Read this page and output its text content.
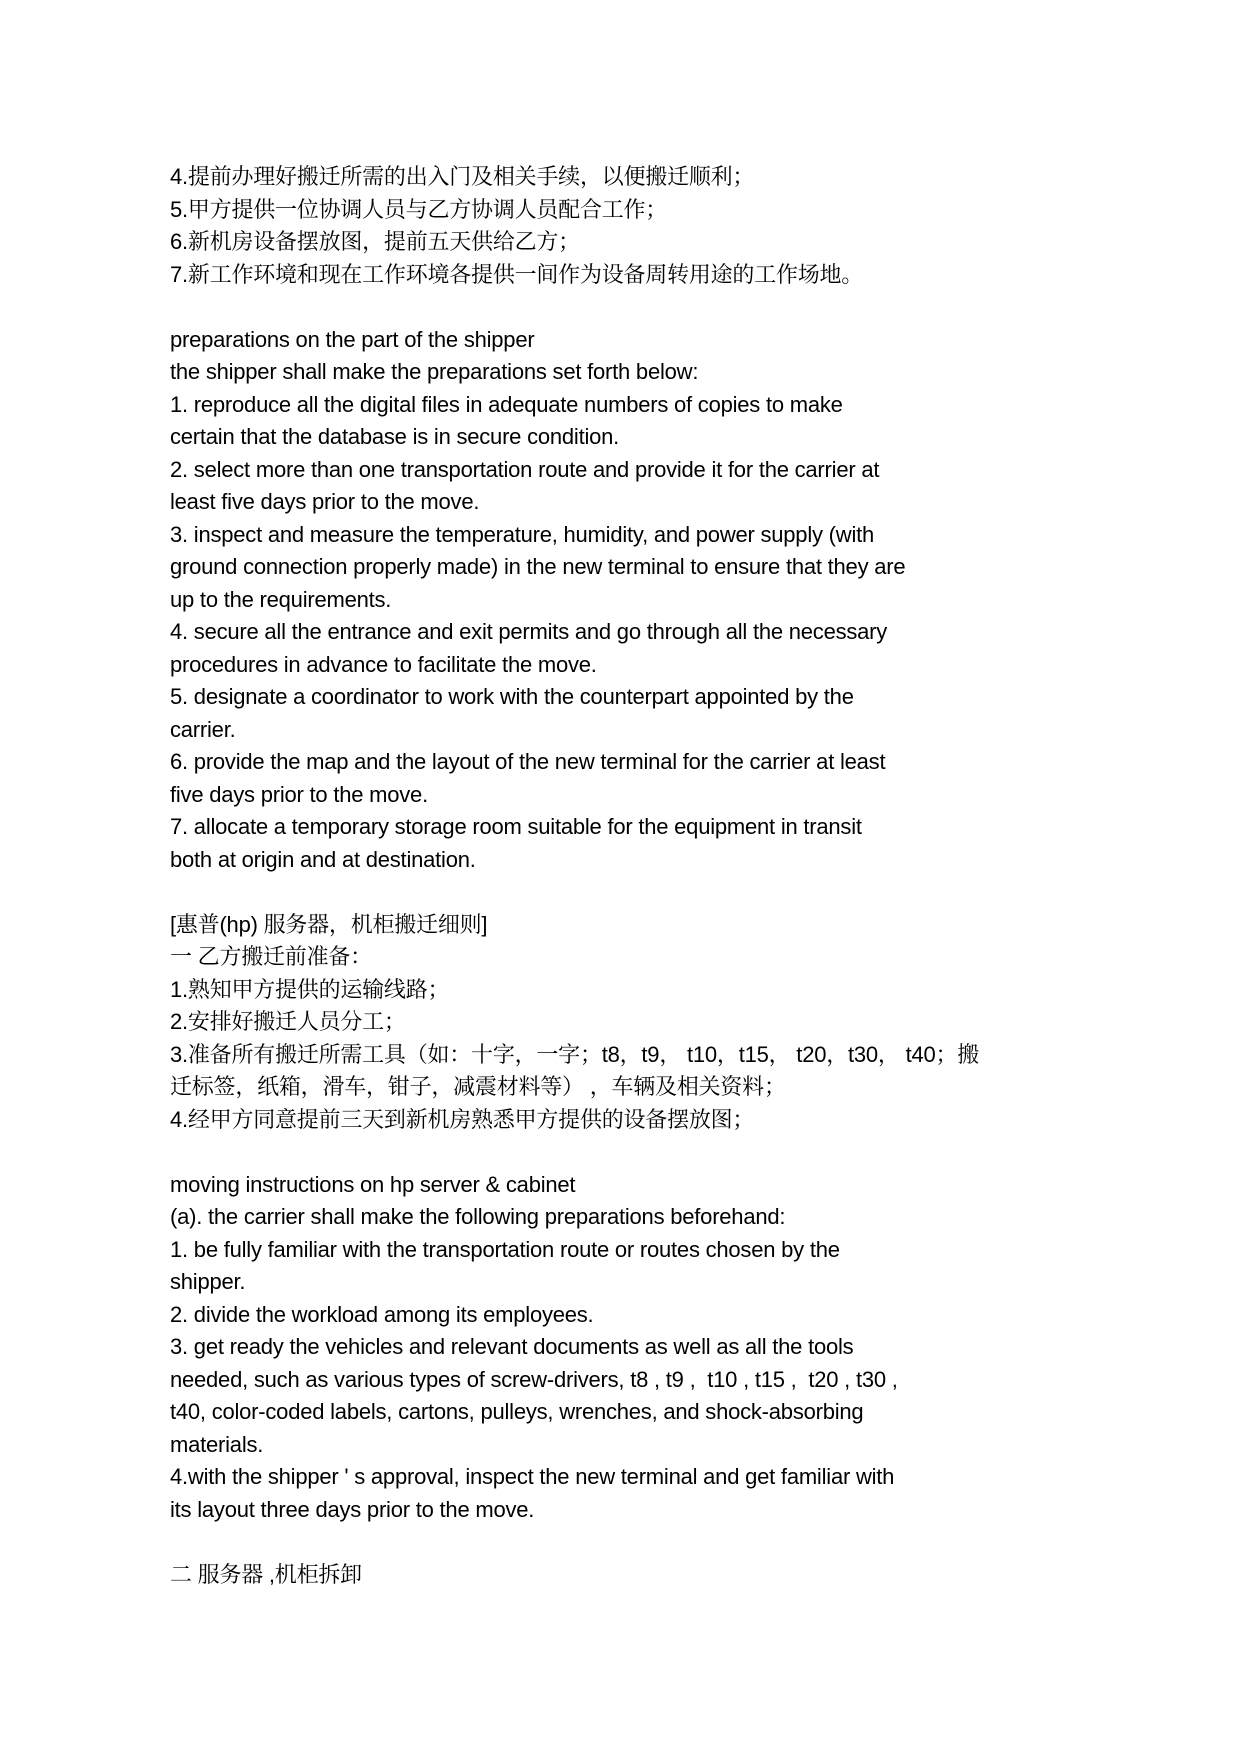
4.提前办理好搬迁所需的出入门及相关手续，以便搬迁顺利；
5.甲方提供一位协调人员与乙方协调人员配合工作；
6.新机房设备摆放图，提前五天供给乙方；
7.新工作环境和现在工作环境各提供一间作为设备周转用途的工作场地。
preparations on the part of the shipper
the shipper shall make the preparations set forth below:
1. reproduce all the digital files in adequate numbers of copies to make
certain that the database is in secure condition.
2. select more than one transportation route and provide it for the carrier at
least five days prior to the move.
3. inspect and measure the temperature, humidity, and power supply (with
ground connection properly made) in the new terminal to ensure that they are
up to the requirements.
4. secure all the entrance and exit permits and go through all the necessary
procedures in advance to facilitate the move.
5. designate a coordinator to work with the counterpart appointed by the
carrier.
6. provide the map and the layout of the new terminal for the carrier at least
five days prior to the move.
7. allocate a temporary storage room suitable for the equipment in transit
both at origin and at destination.
[惠普(hp) 服务器，机柜搬迁细则]
一 乙方搬迁前准备：
1.熟知甲方提供的运输线路；
2.安排好搬迁人员分工；
3.准备所有搬迁所需工具（如：十字，一字；t8，t9， t10，t15， t20，t30， t40；搬
迁标签，纸箱，滑车，钳子，减震材料等） ，车辆及相关资料；
4.经甲方同意提前三天到新机房熟悉甲方提供的设备摆放图；
moving instructions on hp server & cabinet
(a). the carrier shall make the following preparations beforehand:
1. be fully familiar with the transportation route or routes chosen by the
shipper.
2. divide the workload among its employees.
3. get ready the vehicles and relevant documents as well as all the tools
needed, such as various types of screw-drivers, t8 , t9 ,  t10 , t15 ,  t20 , t30 ,
t40, color-coded labels, cartons, pulleys, wrenches, and shock-absorbing
materials.
4.with the shipper ' s approval, inspect the new terminal and get familiar with
its layout three days prior to the move.
二 服务器 ,机柜拆卸
